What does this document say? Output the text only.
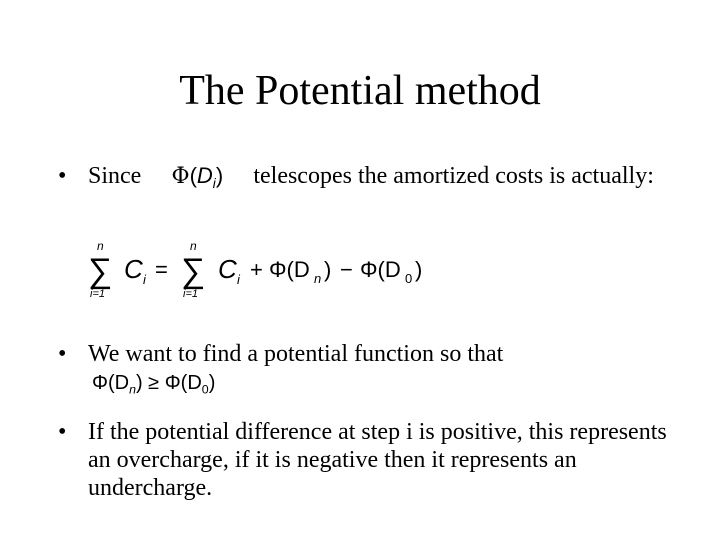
The Potential method
• Since $\Phi(D_i)$ telescopes the amortized costs is actually:
n
∑
i=1
C i =
n
∑
i=1
C i + Φ(D n ) − Φ(D 0 )
• We want to find a potential function so that
$\Phi(D_n) \ge \Phi(D_0)$
• If the potential difference at step i is positive, this represents an overcharge, if it is negative then it represents an undercharge.
